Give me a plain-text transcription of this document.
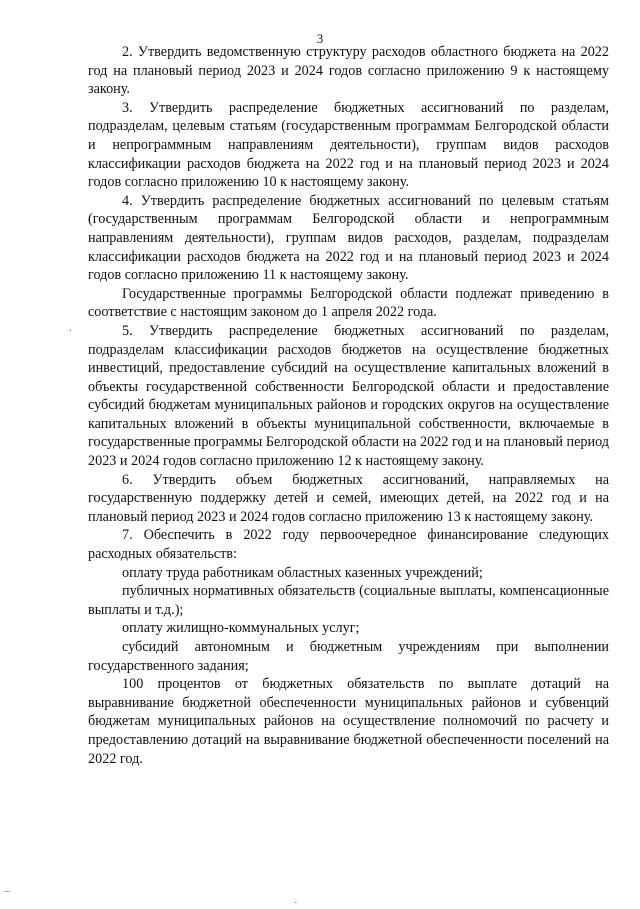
3

2. Утвердить ведомственную структуру расходов областного бюджета на 2022 год на плановый период 2023 и 2024 годов согласно приложению 9 к настоящему закону.

3. Утвердить распределение бюджетных ассигнований по разделам, подразделам, целевым статьям (государственным программам Белгородской области и непрограммным направлениям деятельности), группам видов расходов классификации расходов бюджета на 2022 год и на плановый период 2023 и 2024 годов согласно приложению 10 к настоящему закону.

4. Утвердить распределение бюджетных ассигнований по целевым статьям (государственным программам Белгородской области и непрограммным направлениям деятельности), группам видов расходов, разделам, подразделам классификации расходов бюджета на 2022 год и на плановый период 2023 и 2024 годов согласно приложению 11 к настоящему закону.

Государственные программы Белгородской области подлежат приведению в соответствие с настоящим законом до 1 апреля 2022 года.

5. Утвердить распределение бюджетных ассигнований по разделам, подразделам классификации расходов бюджетов на осуществление бюджетных инвестиций, предоставление субсидий на осуществление капитальных вложений в объекты государственной собственности Белгородской области и предоставление субсидий бюджетам муниципальных районов и городских округов на осуществление капитальных вложений в объекты муниципальной собственности, включаемые в государственные программы Белгородской области на 2022 год и на плановый период 2023 и 2024 годов согласно приложению 12 к настоящему закону.

6. Утвердить объем бюджетных ассигнований, направляемых на государственную поддержку детей и семей, имеющих детей, на 2022 год и на плановый период 2023 и 2024 годов согласно приложению 13 к настоящему закону.

7. Обеспечить в 2022 году первоочередное финансирование следующих расходных обязательств:

оплату труда работникам областных казенных учреждений;

публичных нормативных обязательств (социальные выплаты, компенсационные выплаты и т.д.);

оплату жилищно-коммунальных услуг;

субсидий автономным и бюджетным учреждениям при выполнении государственного задания;

100 процентов от бюджетных обязательств по выплате дотаций на выравнивание бюджетной обеспеченности муниципальных районов и субвенций бюджетам муниципальных районов на осуществление полномочий по расчету и предоставлению дотаций на выравнивание бюджетной обеспеченности поселений на 2022 год.

.
–
·
